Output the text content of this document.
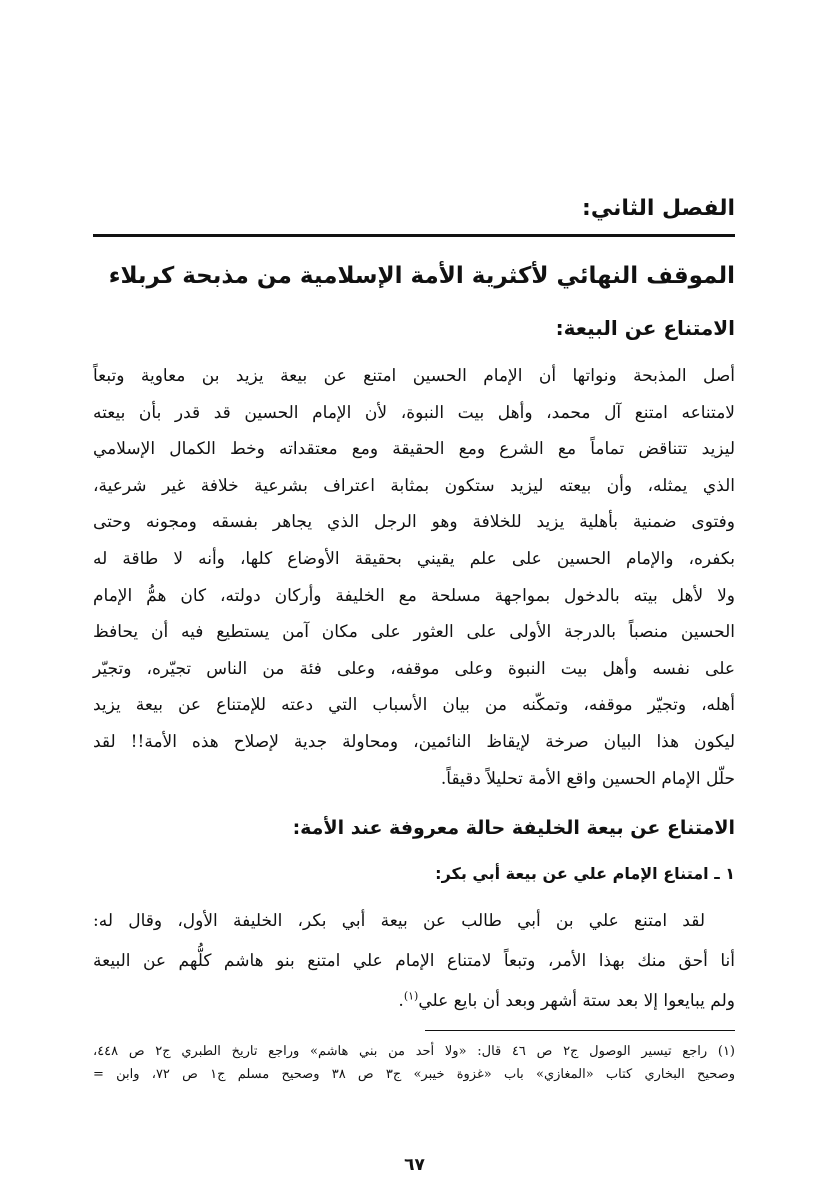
الفصل الثاني:
الموقف النهائي لأكثرية الأمة الإسلامية من مذبحة كربلاء
الامتناع عن البيعة:
أصل المذبحة ونواتها أن الإمام الحسين امتنع عن بيعة يزيد بن معاوية وتبعاً
لامتناعه امتنع آل محمد، وأهل بيت النبوة، لأن الإمام الحسين قد قدر بأن بيعته
ليزيد تتناقض تماماً مع الشرع ومع الحقيقة ومع معتقداته وخط الكمال الإسلامي
الذي يمثله، وأن بيعته ليزيد ستكون بمثابة اعتراف بشرعية خلافة غير شرعية،
وفتوى ضمنية بأهلية يزيد للخلافة وهو الرجل الذي يجاهر بفسقه ومجونه وحتى
بكفره، والإمام الحسين على علم يقيني بحقيقة الأوضاع كلها، وأنه لا طاقة له
ولا لأهل بيته بالدخول بمواجهة مسلحة مع الخليفة وأركان دولته، كان همُّ الإمام
الحسين منصباً بالدرجة الأولى على العثور على مكان آمن يستطيع فيه أن يحافظ
على نفسه وأهل بيت النبوة وعلى موقفه، وعلى فئة من الناس تجيّره، وتجيّر
أهله، وتجيّر موقفه، وتمكّنه من بيان الأسباب التي دعته للإمتناع عن بيعة يزيد
ليكون هذا البيان صرخة لإيقاظ النائمين، ومحاولة جدية لإصلاح هذه الأمة!! لقد
حلّل الإمام الحسين واقع الأمة تحليلاً دقيقاً.
الامتناع عن بيعة الخليفة حالة معروفة عند الأمة:
١ ـ امتناع الإمام علي عن بيعة أبي بكر:
لقد امتنع علي بن أبي طالب عن بيعة أبي بكر، الخليفة الأول، وقال له:
أنا أحق منك بهذا الأمر، وتبعاً لامتناع الإمام علي امتنع بنو هاشم كلُّهم عن البيعة
ولم يبايعوا إلا بعد ستة أشهر وبعد أن بايع علي$^{(١)}$.
(١) راجع تيسير الوصول ج٢ ص ٤٦ قال: «ولا أحد من بني هاشم» وراجع تاريخ الطبري ج٢ ص ٤٤٨،
وصحيح البخاري كتاب «المغازي» باب «غزوة خيبر» ج٣ ص ٣٨ وصحيح مسلم ج١ ص ٧٢، وابن =
٦٧
